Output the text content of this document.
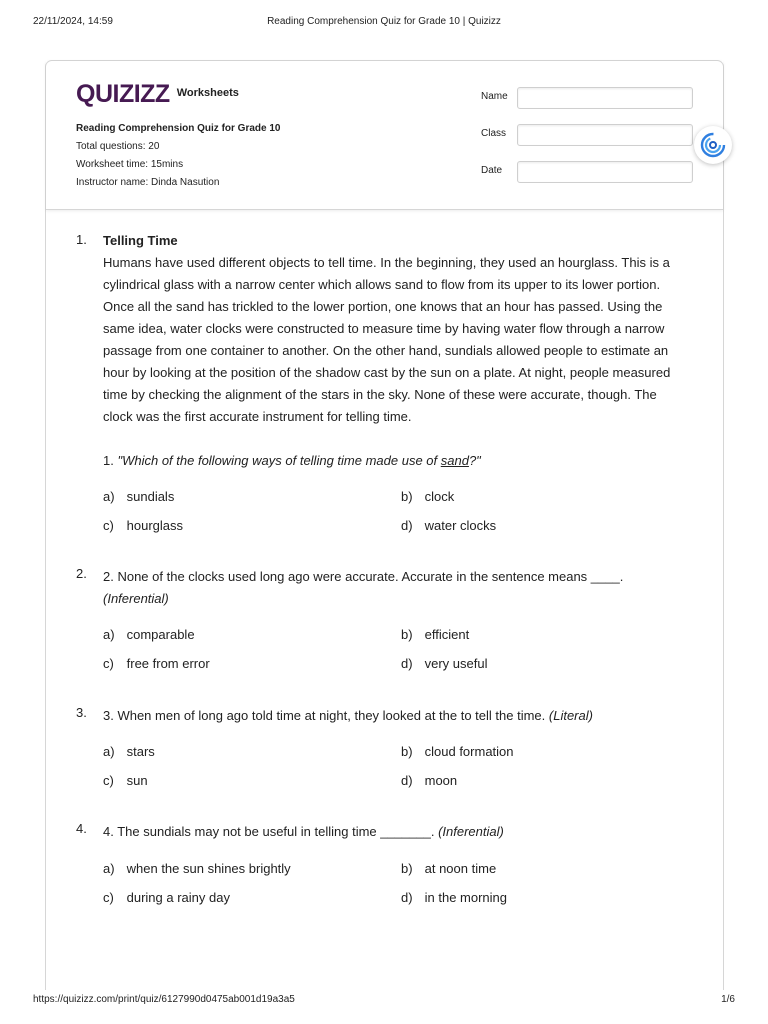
22/11/2024, 14:59	Reading Comprehension Quiz for Grade 10 | Quizizz
QUIZIZZ Worksheets
Reading Comprehension Quiz for Grade 10
Total questions: 20
Worksheet time: 15mins
Instructor name: Dinda Nasution
Name
Class
Date
1. Telling Time
Humans have used different objects to tell time. In the beginning, they used an hourglass. This is a cylindrical glass with a narrow center which allows sand to flow from its upper to its lower portion. Once all the sand has trickled to the lower portion, one knows that an hour has passed. Using the same idea, water clocks were constructed to measure time by having water flow through a narrow passage from one container to another. On the other hand, sundials allowed people to estimate an hour by looking at the position of the shadow cast by the sun on a plate. At night, people measured time by checking the alignment of the stars in the sky. None of these were accurate, though. The clock was the first accurate instrument for telling time.
1. "Which of the following ways of telling time made use of sand?"
a) sundials	b) clock
c) hourglass	d) water clocks
2. 2. None of the clocks used long ago were accurate. Accurate in the sentence means ____.
(Inferential)
a) comparable	b) efficient
c) free from error	d) very useful
3. 3. When men of long ago told time at night, they looked at the to tell the time. (Literal)
a) stars	b) cloud formation
c) sun	d) moon
4. 4. The sundials may not be useful in telling time _______. (Inferential)
a) when the sun shines brightly	b) at noon time
c) during a rainy day	d) in the morning
https://quizizz.com/print/quiz/6127990d0475ab001d19a3a5	1/6
